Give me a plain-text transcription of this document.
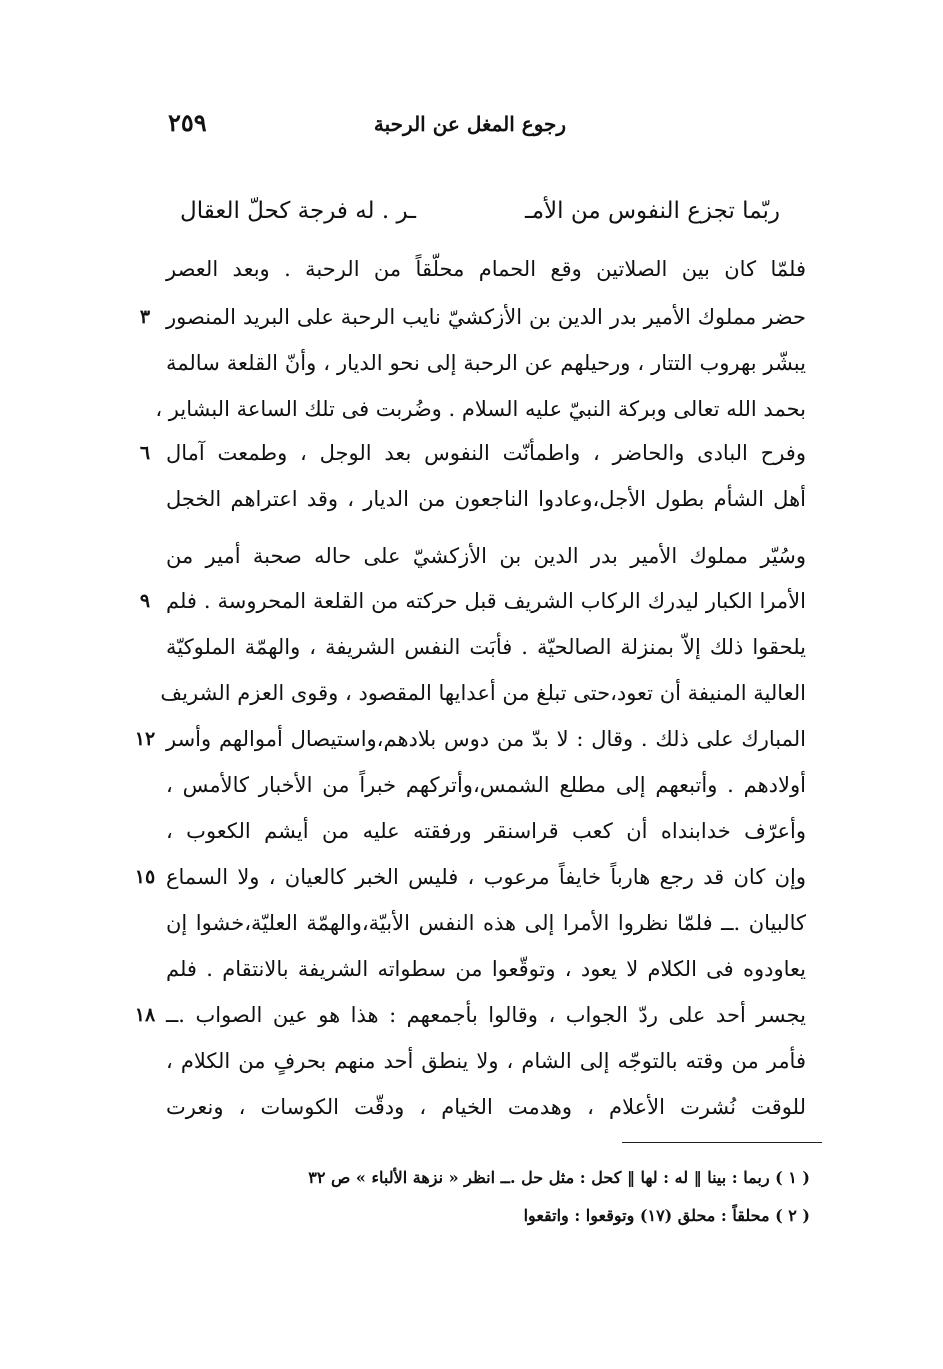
رجوع المغل عن الرحبة
٢٥٩
ربّما تجزع النفوس من الأمـ
ـر . له فرجة كحلّ العقال
فلمّا كان بين الصلاتين وقع الحمام محلّقاً من الرحبة . وبعد العصر
حضر مملوك الأمير بدر الدين بن الأزكشيّ نايب الرحبة على البريد المنصور
يبشّر بهروب التتار ، ورحيلهم عن الرحبة إلى نحو الديار ، وأنّ القلعة سالمة
بحمد الله تعالى وبركة النبيّ عليه السلام . وضُربت فى تلك الساعة البشاير ،
وفرح البادى والحاضر ، واطمأنّت النفوس بعد الوجل ، وطمعت آمال
أهل الشأم بطول الأجل،وعادوا الناجعون من الديار ، وقد اعتراهم الخجل
وسُيّر مملوك الأمير بدر الدين بن الأزكشيّ على حاله صحبة أمير من
الأمرا الكبار ليدرك الركاب الشريف قبل حركته من القلعة المحروسة . فلم
يلحقوا ذلك إلاّ بمنزلة الصالحيّة . فأبَت النفس الشريفة ، والهمّة الملوكيّة
العالية المنيفة أن تعود،حتى تبلغ من أعدايها المقصود ، وقوى العزم الشريف
المبارك على ذلك . وقال : لا بدّ من دوس بلادهم،واستيصال أموالهم وأسر
أولادهم . وأتبعهم إلى مطلع الشمس،وأتركهم خبراً من الأخبار كالأمس ،
وأعرّف خدابنداه أن كعب قراسنقر ورفقته عليه من أيشم الكعوب ،
وإن كان قد رجع هارباً خايفاً مرعوب ، فليس الخبر كالعيان ، ولا السماع
كالبيان .ــ فلمّا نظروا الأمرا إلى هذه النفس الأبيّة،والهمّة العليّة،خشوا إن
يعاودوه فى الكلام لا يعود ، وتوقّعوا من سطواته الشريفة بالانتقام . فلم
يجسر أحد على ردّ الجواب ، وقالوا بأجمعهم : هذا هو عين الصواب .ــ
فأمر من وقته بالتوجّه إلى الشام ، ولا ينطق أحد منهم بحرفٍ من الكلام ،
للوقت نُشرت الأعلام ، وهدمت الخيام ، ودقّت الكوسات ، ونعرت
٣
٦
٩
١٢
١٥
١٨
( ١ ) ربما : بينا ‖ له : لها ‖ كحل : مثل حل .ــ انظر « نزهة الألباء » ص ٣٢
( ٢ ) محلقاً : محلق (١٧) وتوقعوا : واتقعوا
